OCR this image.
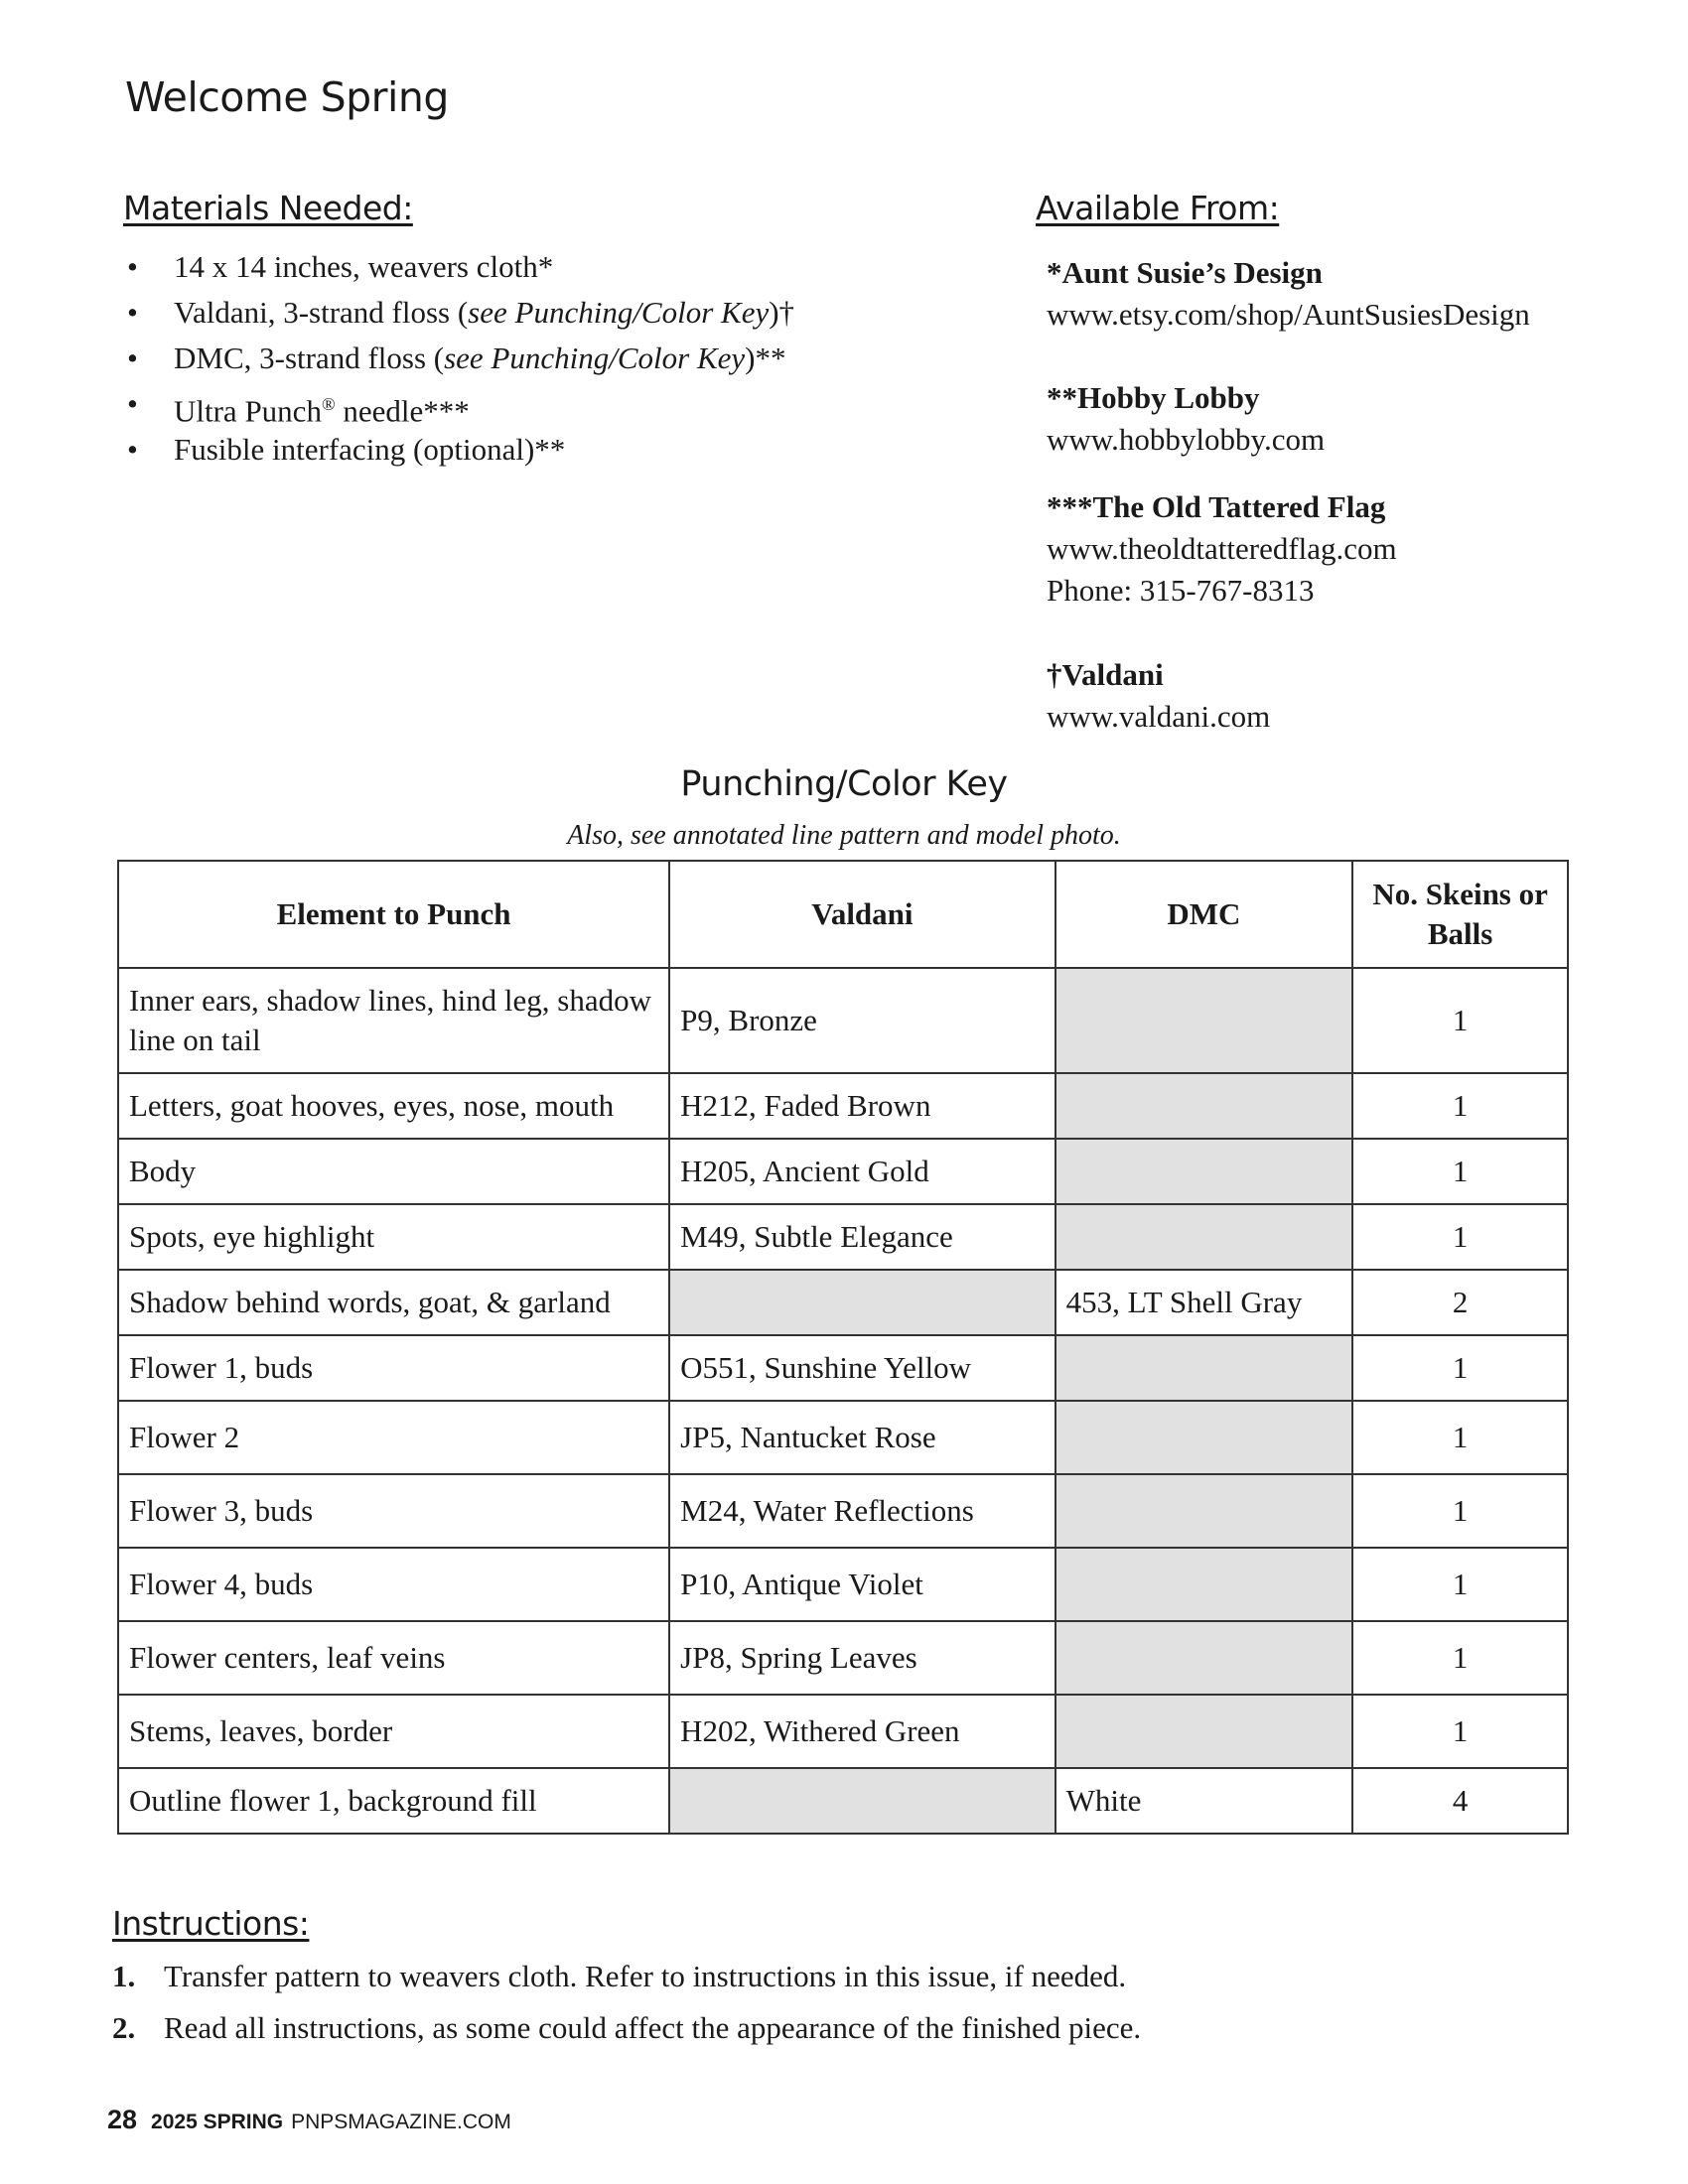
Welcome Spring
Materials Needed:
• 14 x 14 inches, weavers cloth*
• Valdani, 3-strand floss (see Punching/Color Key)†
• DMC, 3-strand floss (see Punching/Color Key)**
• Ultra Punch® needle***
• Fusible interfacing (optional)**
Available From:
*Aunt Susie’s Design
www.etsy.com/shop/AuntSusiesDesign
**Hobby Lobby
www.hobbylobby.com
***The Old Tattered Flag
www.theoldtatteredflag.com
Phone: 315-767-8313
†Valdani
www.valdani.com
Punching/Color Key
Also, see annotated line pattern and model photo.
Element to Punch	Valdani	DMC	No. Skeins or Balls
Inner ears, shadow lines, hind leg, shadow line on tail	P9, Bronze		1
Letters, goat hooves, eyes, nose, mouth	H212, Faded Brown		1
Body	H205, Ancient Gold		1
Spots, eye highlight	M49, Subtle Elegance		1
Shadow behind words, goat, & garland		453, LT Shell Gray	2
Flower 1, buds	O551, Sunshine Yellow		1
Flower 2	JP5, Nantucket Rose		1
Flower 3, buds	M24, Water Reflections		1
Flower 4, buds	P10, Antique Violet		1
Flower centers, leaf veins	JP8, Spring Leaves		1
Stems, leaves, border	H202, Withered Green		1
Outline flower 1, background fill		White	4
Instructions:
1. Transfer pattern to weavers cloth. Refer to instructions in this issue, if needed.
2. Read all instructions, as some could affect the appearance of the finished piece.
28 2025 SPRING PNPSMAGAZINE.COM
